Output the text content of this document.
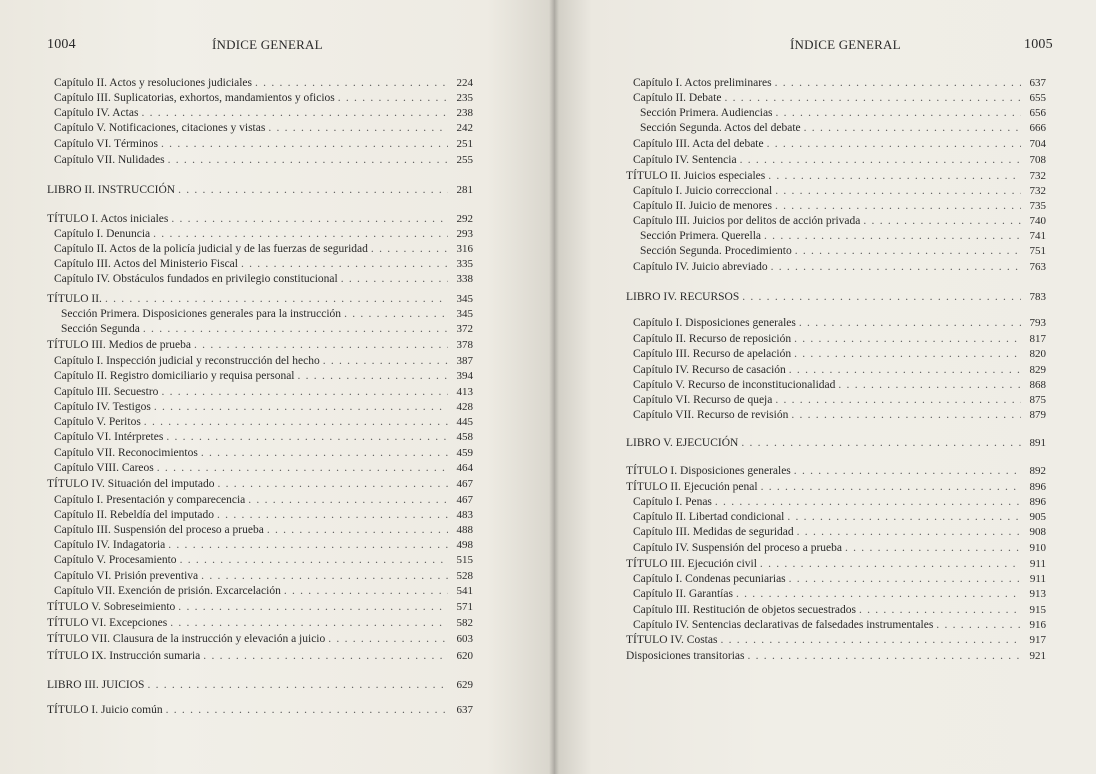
1004	ÍNDICE GENERAL
Capítulo II. Actos y resoluciones judiciales . . .	224
Capítulo III. Suplicatorias, exhortos, mandamientos y oficios . . .	235
Capítulo IV. Actas . . .	238
Capítulo V. Notificaciones, citaciones y vistas . . .	242
Capítulo VI. Términos . . .	251
Capítulo VII. Nulidades . . .	255
LIBRO II. INSTRUCCIÓN . . .	281
TÍTULO I. Actos iniciales . . .	292
Capítulo I. Denuncia . . .	293
Capítulo II. Actos de la policía judicial y de las fuerzas de seguridad . . .	316
Capítulo III. Actos del Ministerio Fiscal . . .	335
Capítulo IV. Obstáculos fundados en privilegio constitucional . . .	338
TÍTULO II. . . .	345
Sección Primera. Disposiciones generales para la instrucción . . .	345
Sección Segunda . . .	372
TÍTULO III. Medios de prueba . . .	378
Capítulo I. Inspección judicial y reconstrucción del hecho . . .	387
Capítulo II. Registro domiciliario y requisa personal . . .	394
Capítulo III. Secuestro . . .	413
Capítulo IV. Testigos . . .	428
Capítulo V. Peritos . . .	445
Capítulo VI. Intérpretes . . .	458
Capítulo VII. Reconocimientos . . .	459
Capítulo VIII. Careos . . .	464
TÍTULO IV. Situación del imputado . . .	467
Capítulo I. Presentación y comparecencia . . .	467
Capítulo II. Rebeldía del imputado . . .	483
Capítulo III. Suspensión del proceso a prueba . . .	488
Capítulo IV. Indagatoria . . .	498
Capítulo V. Procesamiento . . .	515
Capítulo VI. Prisión preventiva . . .	528
Capítulo VII. Exención de prisión. Excarcelación . . .	541
TÍTULO V. Sobreseimiento . . .	571
TÍTULO VI. Excepciones . . .	582
TÍTULO VII. Clausura de la instrucción y elevación a juicio . . .	603
TÍTULO IX. Instrucción sumaria . . .	620
LIBRO III. JUICIOS . . .	629
TÍTULO I. Juicio común . . .	637
ÍNDICE GENERAL	1005
Capítulo I. Actos preliminares . . .	637
Capítulo II. Debate . . .	655
Sección Primera. Audiencias . . .	656
Sección Segunda. Actos del debate . . .	666
Capítulo III. Acta del debate . . .	704
Capítulo IV. Sentencia . . .	708
TÍTULO II. Juicios especiales . . .	732
Capítulo I. Juicio correccional . . .	732
Capítulo II. Juicio de menores . . .	735
Capítulo III. Juicios por delitos de acción privada . . .	740
Sección Primera. Querella . . .	741
Sección Segunda. Procedimiento . . .	751
Capítulo IV. Juicio abreviado . . .	763
LIBRO IV. RECURSOS . . .	783
Capítulo I. Disposiciones generales . . .	793
Capítulo II. Recurso de reposición . . .	817
Capítulo III. Recurso de apelación . . .	820
Capítulo IV. Recurso de casación . . .	829
Capítulo V. Recurso de inconstitucionalidad . . .	868
Capítulo VI. Recurso de queja . . .	875
Capítulo VII. Recurso de revisión . . .	879
LIBRO V. EJECUCIÓN . . .	891
TÍTULO I. Disposiciones generales . . .	892
TÍTULO II. Ejecución penal . . .	896
Capítulo I. Penas . . .	896
Capítulo II. Libertad condicional . . .	905
Capítulo III. Medidas de seguridad . . .	908
Capítulo IV. Suspensión del proceso a prueba . . .	910
TÍTULO III. Ejecución civil . . .	911
Capítulo I. Condenas pecuniarias . . .	911
Capítulo II. Garantías . . .	913
Capítulo III. Restitución de objetos secuestrados . . .	915
Capítulo IV. Sentencias declarativas de falsedades instrumentales . . .	916
TÍTULO IV. Costas . . .	917
Disposiciones transitorias . . .	921
